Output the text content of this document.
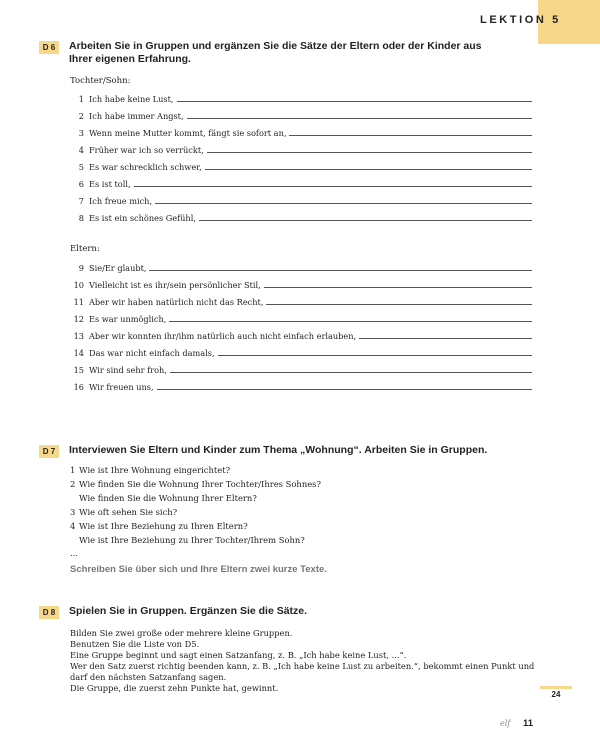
LEKTION 5
D 6	Arbeiten Sie in Gruppen und ergänzen Sie die Sätze der Eltern oder der Kinder aus
Ihrer eigenen Erfahrung.
Tochter/Sohn:
1 Ich habe keine Lust,
2 Ich habe immer Angst,
3 Wenn meine Mutter kommt, fängt sie sofort an,
4 Früher war ich so verrückt,
5 Es war schrecklich schwer,
6 Es ist toll,
7 Ich freue mich,
8 Es ist ein schönes Gefühl,
Eltern:
9 Sie/Er glaubt,
10 Vielleicht ist es ihr/sein persönlicher Stil,
11 Aber wir haben natürlich nicht das Recht,
12 Es war unmöglich,
13 Aber wir konnten ihr/ihm natürlich auch nicht einfach erlauben,
14 Das war nicht einfach damals,
15 Wir sind sehr froh,
16 Wir freuen uns,
D 7	Interviewen Sie Eltern und Kinder zum Thema „Wohnung“. Arbeiten Sie in Gruppen.
1 Wie ist Ihre Wohnung eingerichtet?
2 Wie finden Sie die Wohnung Ihrer Tochter/Ihres Sohnes?
Wie finden Sie die Wohnung Ihrer Eltern?
3 Wie oft sehen Sie sich?
4 Wie ist Ihre Beziehung zu Ihren Eltern?
Wie ist Ihre Beziehung zu Ihrer Tochter/Ihrem Sohn?
...
Schreiben Sie über sich und Ihre Eltern zwei kurze Texte.
D 8	Spielen Sie in Gruppen. Ergänzen Sie die Sätze.
Bilden Sie zwei große oder mehrere kleine Gruppen.
Benutzen Sie die Liste von D5.
Eine Gruppe beginnt und sagt einen Satzanfang, z. B. „Ich habe keine Lust, ...“.
Wer den Satz zuerst richtig beenden kann, z. B. „Ich habe keine Lust zu arbeiten.“, bekommt einen Punkt und
darf den nächsten Satzanfang sagen.
Die Gruppe, die zuerst zehn Punkte hat, gewinnt.
24
elf 11
